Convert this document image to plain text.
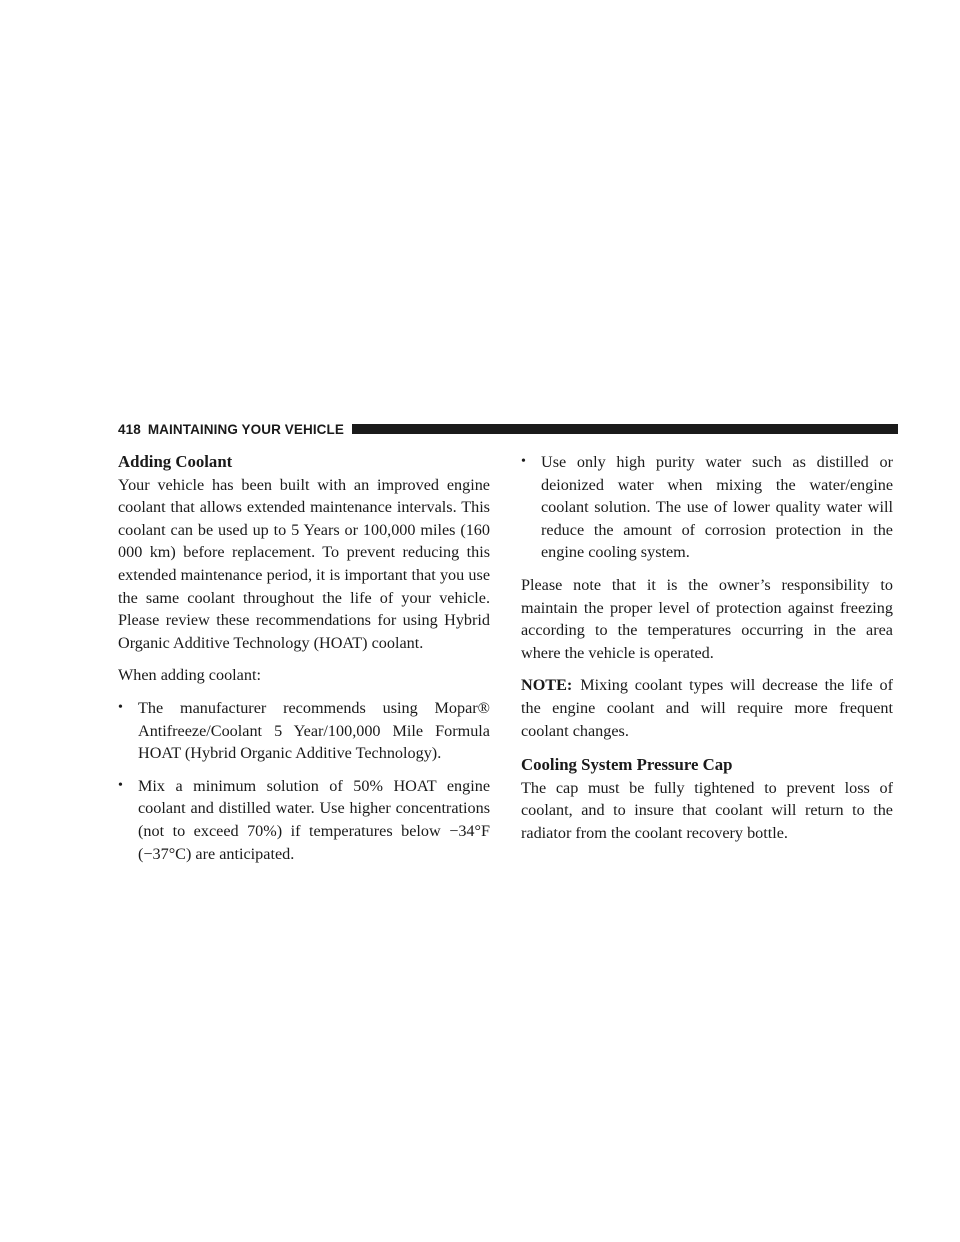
418 MAINTAINING YOUR VEHICLE
Adding Coolant

Your vehicle has been built with an improved engine coolant that allows extended maintenance intervals. This coolant can be used up to 5 Years or 100,000 miles (160 000 km) before replacement. To prevent reducing this extended maintenance period, it is important that you use the same coolant throughout the life of your vehicle. Please review these recommendations for using Hybrid Organic Additive Technology (HOAT) coolant.

When adding coolant:

• The manufacturer recommends using Mopar® Antifreeze/Coolant 5 Year/100,000 Mile Formula HOAT (Hybrid Organic Additive Technology).
• Mix a minimum solution of 50% HOAT engine coolant and distilled water. Use higher concentrations (not to exceed 70%) if temperatures below −34°F (−37°C) are anticipated.
• Use only high purity water such as distilled or deionized water when mixing the water/engine coolant solution. The use of lower quality water will reduce the amount of corrosion protection in the engine cooling system.

Please note that it is the owner’s responsibility to maintain the proper level of protection against freezing according to the temperatures occurring in the area where the vehicle is operated.

NOTE: Mixing coolant types will decrease the life of the engine coolant and will require more frequent coolant changes.

Cooling System Pressure Cap

The cap must be fully tightened to prevent loss of coolant, and to insure that coolant will return to the radiator from the coolant recovery bottle.
